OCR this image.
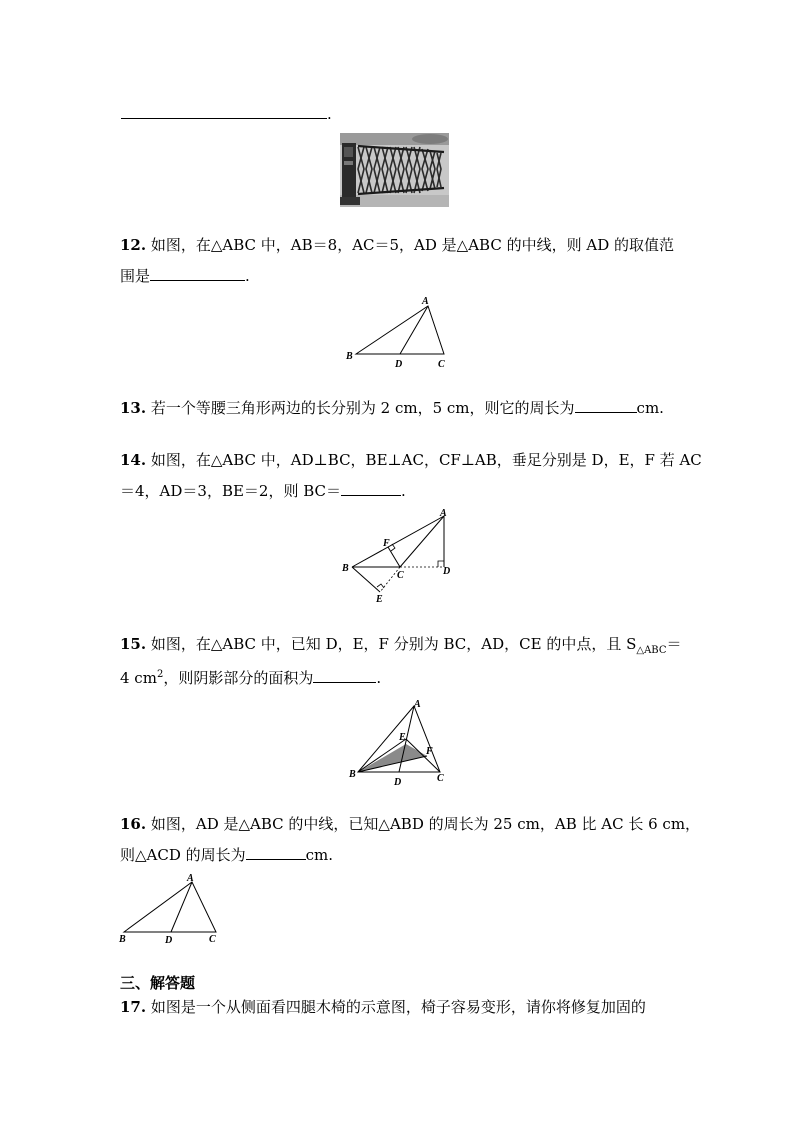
.
12. 如图，在△ABC 中，AB＝8，AC＝5，AD 是△ABC 的中线，则 AD 的取值范
围是	.
A
B
D	C
13. 若一个等腰三角形两边的长分别为 2 cm，5 cm，则它的周长为	cm.
14. 如图，在△ABC 中，AD⊥BC，BE⊥AC，CF⊥AB，垂足分别是 D，E，F 若 AC
＝4，AD＝3，BE＝2，则 BC＝	.
A
B
C	D
E
F
15. 如图，在△ABC 中，已知 D，E，F 分别为 BC，AD，CE 的中点，且 $S_{\triangle ABC}=$
4 $cm^2$，则阴影部分的面积为	.
A
B
D	C
E
F
16. 如图，AD 是△ABC 的中线，已知△ABD 的周长为 25 cm，AB 比 AC 长 6 cm，
则△ACD 的周长为	cm.
A
B	D	C
三、解答题
17. 如图是一个从侧面看四腿木椅的示意图，椅子容易变形，请你将修复加固的
